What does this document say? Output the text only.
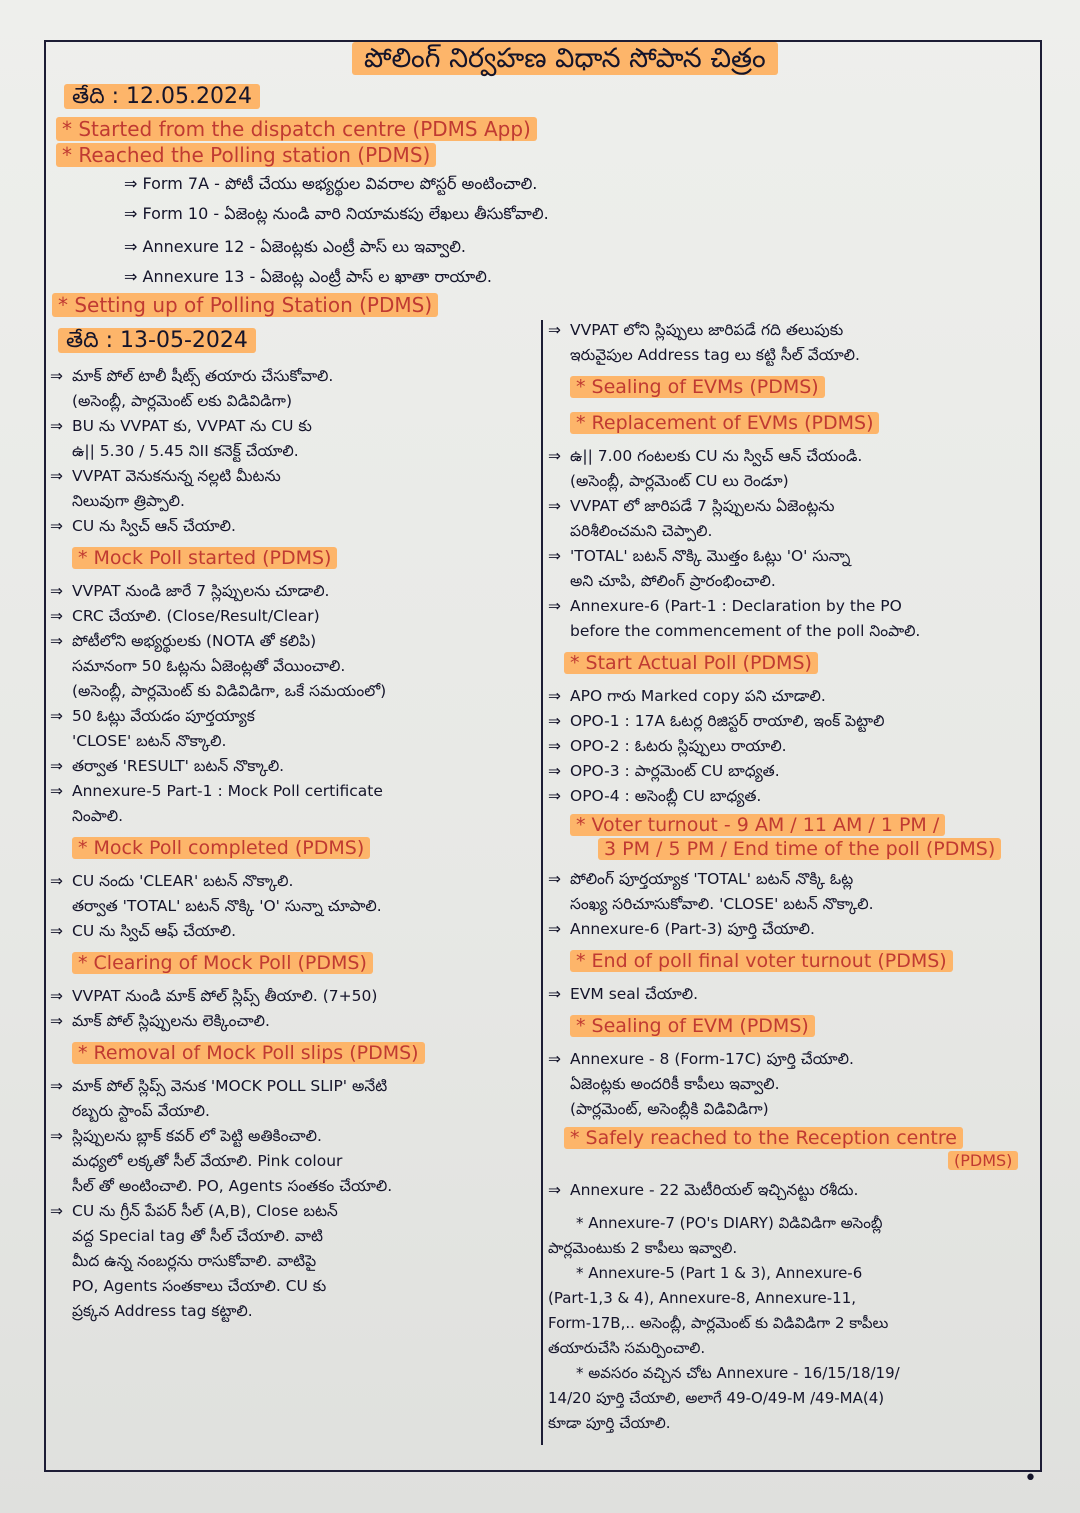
పోలింగ్ నిర్వహణ విధాన సోపాన చిత్రం
తేది : 12.05.2024
* Started from the dispatch centre (PDMS App)
* Reached the Polling station (PDMS)
⇒ Form 7A - పోటీ చేయు అభ్యర్థుల వివరాల పోస్టర్ అంటించాలి.
⇒ Form 10 - ఏజెంట్ల నుండి వారి నియామకపు లేఖలు తీసుకోవాలి.
⇒ Annexure 12 - ఏజెంట్లకు ఎంట్రీ పాస్ లు ఇవ్వాలి.
⇒ Annexure 13 - ఏజెంట్ల ఎంట్రీ పాస్ ల ఖాతా రాయాలి.
* Setting up of Polling Station (PDMS)
తేది : 13-05-2024
⇒ మాక్ పోల్ టాలీ షీట్స్ తయారు చేసుకోవాలి.
(అసెంబ్లీ, పార్లమెంట్ లకు విడివిడిగా)
⇒ BU ను VVPAT కు, VVPAT ను CU కు
ఉ|| 5.30 / 5.45 నిII కనెక్ట్ చేయాలి.
⇒ VVPAT వెనుకనున్న నల్లటి మీటను
నిలువుగా త్రిప్పాలి.
⇒ CU ను స్విచ్ ఆన్ చేయాలి.
* Mock Poll started (PDMS)
⇒ VVPAT నుండి జారే 7 స్లిప్పులను చూడాలి.
⇒ CRC చేయాలి. (Close/Result/Clear)
⇒ పోటీలోని అభ్యర్థులకు (NOTA తో కలిపి)
సమానంగా 50 ఓట్లను ఏజెంట్లతో వేయించాలి.
(అసెంబ్లీ, పార్లమెంట్ కు విడివిడిగా, ఒకే సమయంలో)
⇒ 50 ఓట్లు వేయడం పూర్తయ్యాక
'CLOSE' బటన్ నొక్కాలి.
⇒ తర్వాత 'RESULT' బటన్ నొక్కాలి.
⇒ Annexure-5 Part-1 : Mock Poll certificate
నింపాలి.
* Mock Poll completed (PDMS)
⇒ CU నందు 'CLEAR' బటన్ నొక్కాలి.
తర్వాత 'TOTAL' బటన్ నొక్కి 'O' సున్నా చూపాలి.
⇒ CU ను స్విచ్ ఆఫ్ చేయాలి.
* Clearing of Mock Poll (PDMS)
⇒ VVPAT నుండి మాక్ పోల్ స్లిప్స్ తీయాలి. (7+50)
⇒ మాక్ పోల్ స్లిప్పులను లెక్కించాలి.
* Removal of Mock Poll slips (PDMS)
⇒ మాక్ పోల్ స్లిప్స్ వెనుక 'MOCK POLL SLIP' అనేటి
రబ్బరు స్టాంప్ వేయాలి.
⇒ స్లిప్పులను బ్లాక్ కవర్ లో పెట్టి అతికించాలి.
మధ్యలో లక్కతో సీల్ వేయాలి. Pink colour
సీల్ తో అంటించాలి. PO, Agents సంతకం చేయాలి.
⇒ CU ను గ్రీన్ పేపర్ సీల్ (A,B), Close బటన్
వద్ద Special tag తో సీల్ చేయాలి. వాటి
మీద ఉన్న నంబర్లను రాసుకోవాలి. వాటిపై
PO, Agents సంతకాలు చేయాలి. CU కు
ప్రక్కన Address tag కట్టాలి.
⇒ VVPAT లోని స్లిప్పులు జారిపడే గది తలుపుకు
ఇరువైపుల Address tag లు కట్టి సీల్ వేయాలి.
* Sealing of EVMs (PDMS)
* Replacement of EVMs (PDMS)
⇒ ఉ|| 7.00 గంటలకు CU ను స్విచ్ ఆన్ చేయండి.
(అసెంబ్లీ, పార్లమెంట్ CU లు రెండూ)
⇒ VVPAT లో జారిపడే 7 స్లిప్పులను ఏజెంట్లను
పరిశీలించమని చెప్పాలి.
⇒ 'TOTAL' బటన్ నొక్కి మొత్తం ఓట్లు 'O' సున్నా
అని చూపి, పోలింగ్ ప్రారంభించాలి.
⇒ Annexure-6 (Part-1 : Declaration by the PO
before the commencement of the poll నింపాలి.
* Start Actual Poll (PDMS)
⇒ APO గారు Marked copy పని చూడాలి.
⇒ OPO-1 : 17A ఓటర్ల రిజిస్టర్ రాయాలి, ఇంక్ పెట్టాలి
⇒ OPO-2 : ఓటరు స్లిప్పులు రాయాలి.
⇒ OPO-3 : పార్లమెంట్ CU బాధ్యత.
⇒ OPO-4 : అసెంబ్లీ CU బాధ్యత.
* Voter turnout - 9 AM / 11 AM / 1 PM /
3 PM / 5 PM / End time of the poll (PDMS)
⇒ పోలింగ్ పూర్తయ్యాక 'TOTAL' బటన్ నొక్కి ఓట్ల
సంఖ్య సరిచూసుకోవాలి. 'CLOSE' బటన్ నొక్కాలి.
⇒ Annexure-6 (Part-3) పూర్తి చేయాలి.
* End of poll final voter turnout (PDMS)
⇒ EVM seal చేయాలి.
* Sealing of EVM (PDMS)
⇒ Annexure - 8 (Form-17C) పూర్తి చేయాలి.
ఏజెంట్లకు అందరికీ కాపీలు ఇవ్వాలి.
(పార్లమెంట్, అసెంబ్లీకి విడివిడిగా)
* Safely reached to the Reception centre
(PDMS)
⇒ Annexure - 22 మెటీరియల్ ఇచ్చినట్టు రశీదు.
* Annexure-7 (PO's DIARY) విడివిడిగా అసెంబ్లీ
పార్లమెంటుకు 2 కాపీలు ఇవ్వాలి.
* Annexure-5 (Part 1 & 3), Annexure-6
(Part-1,3 & 4), Annexure-8, Annexure-11,
Form-17B,.. అసెంబ్లీ, పార్లమెంట్ కు విడివిడిగా 2 కాపీలు
తయారుచేసి సమర్పించాలి.
* అవసరం వచ్చిన చోట Annexure - 16/15/18/19/
14/20 పూర్తి చేయాలి, అలాగే 49-O/49-M /49-MA(4)
కూడా పూర్తి చేయాలి.
•
